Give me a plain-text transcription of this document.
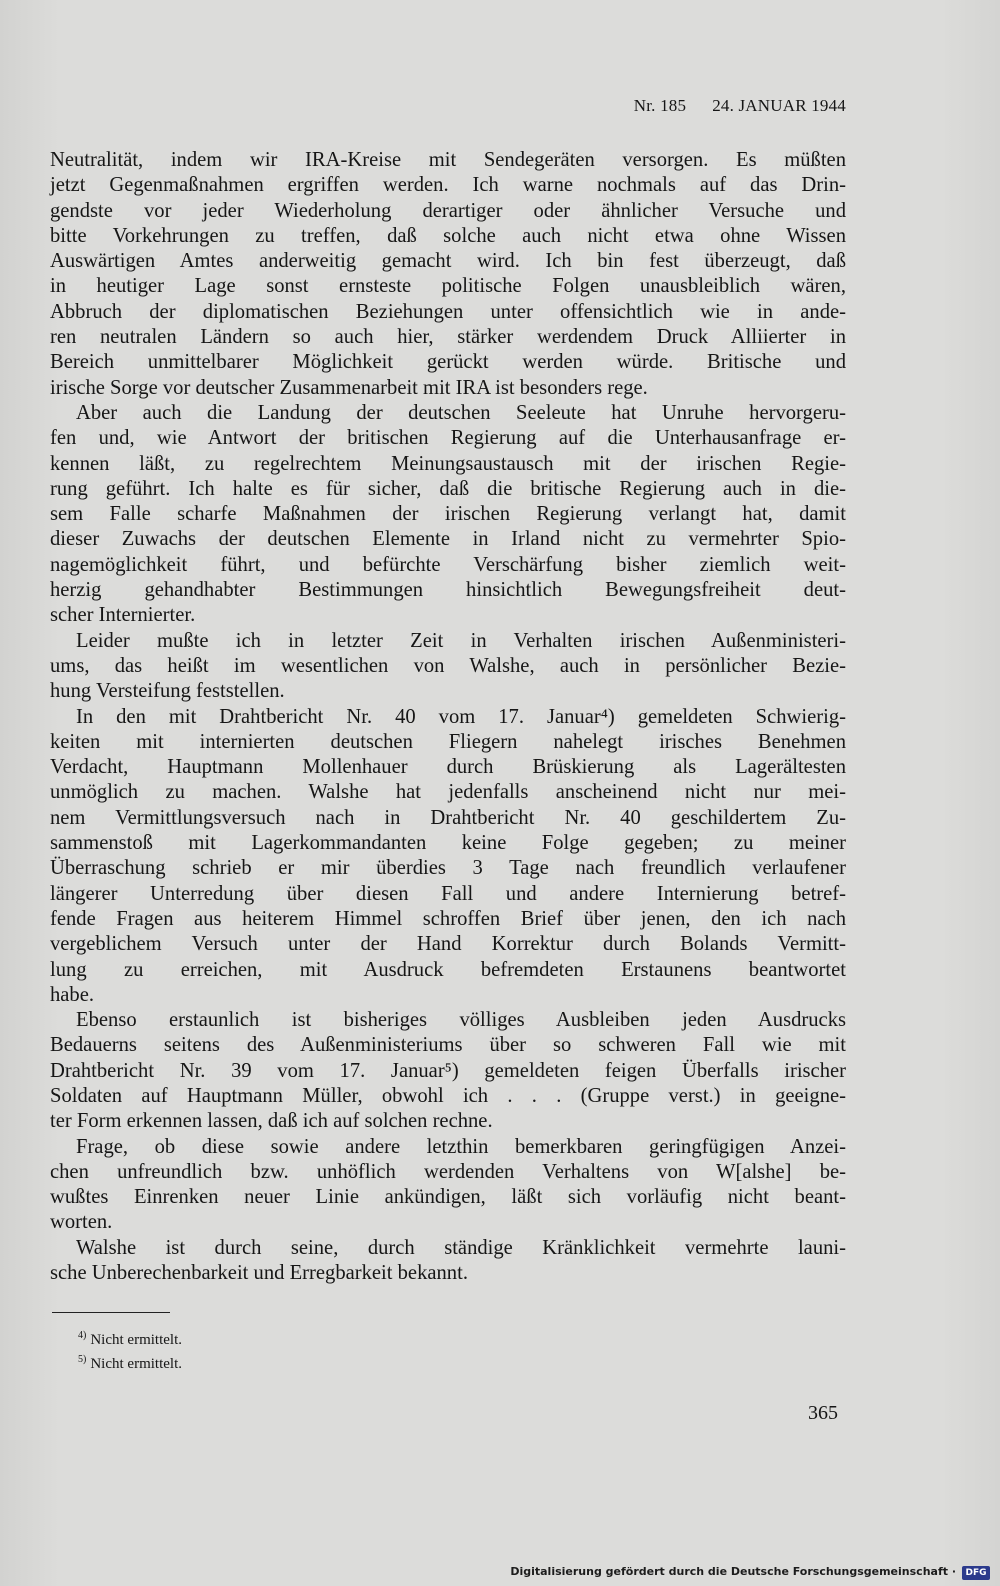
Nr. 185 24. JANUAR 1944
Neutralität, indem wir IRA-Kreise mit Sendegeräten versorgen. Es müßten
jetzt Gegenmaßnahmen ergriffen werden. Ich warne nochmals auf das Drin-
gendste vor jeder Wiederholung derartiger oder ähnlicher Versuche und
bitte Vorkehrungen zu treffen, daß solche auch nicht etwa ohne Wissen
Auswärtigen Amtes anderweitig gemacht wird. Ich bin fest überzeugt, daß
in heutiger Lage sonst ernsteste politische Folgen unausbleiblich wären,
Abbruch der diplomatischen Beziehungen unter offensichtlich wie in ande-
ren neutralen Ländern so auch hier, stärker werdendem Druck Alliierter in
Bereich unmittelbarer Möglichkeit gerückt werden würde. Britische und
irische Sorge vor deutscher Zusammenarbeit mit IRA ist besonders rege.
Aber auch die Landung der deutschen Seeleute hat Unruhe hervorgeru-
fen und, wie Antwort der britischen Regierung auf die Unterhausanfrage er-
kennen läßt, zu regelrechtem Meinungsaustausch mit der irischen Regie-
rung geführt. Ich halte es für sicher, daß die britische Regierung auch in die-
sem Falle scharfe Maßnahmen der irischen Regierung verlangt hat, damit
dieser Zuwachs der deutschen Elemente in Irland nicht zu vermehrter Spio-
nagemöglichkeit führt, und befürchte Verschärfung bisher ziemlich weit-
herzig gehandhabter Bestimmungen hinsichtlich Bewegungsfreiheit deut-
scher Internierter.
Leider mußte ich in letzter Zeit in Verhalten irischen Außenministeri-
ums, das heißt im wesentlichen von Walshe, auch in persönlicher Bezie-
hung Versteifung feststellen.
In den mit Drahtbericht Nr. 40 vom 17. Januar⁴) gemeldeten Schwierig-
keiten mit internierten deutschen Fliegern nahelegt irisches Benehmen
Verdacht, Hauptmann Mollenhauer durch Brüskierung als Lagerältesten
unmöglich zu machen. Walshe hat jedenfalls anscheinend nicht nur mei-
nem Vermittlungsversuch nach in Drahtbericht Nr. 40 geschildertem Zu-
sammenstoß mit Lagerkommandanten keine Folge gegeben; zu meiner
Überraschung schrieb er mir überdies 3 Tage nach freundlich verlaufener
längerer Unterredung über diesen Fall und andere Internierung betref-
fende Fragen aus heiterem Himmel schroffen Brief über jenen, den ich nach
vergeblichem Versuch unter der Hand Korrektur durch Bolands Vermitt-
lung zu erreichen, mit Ausdruck befremdeten Erstaunens beantwortet
habe.
Ebenso erstaunlich ist bisheriges völliges Ausbleiben jeden Ausdrucks
Bedauerns seitens des Außenministeriums über so schweren Fall wie mit
Drahtbericht Nr. 39 vom 17. Januar⁵) gemeldeten feigen Überfalls irischer
Soldaten auf Hauptmann Müller, obwohl ich . . . (Gruppe verst.) in geeigne-
ter Form erkennen lassen, daß ich auf solchen rechne.
Frage, ob diese sowie andere letzthin bemerkbaren geringfügigen Anzei-
chen unfreundlich bzw. unhöflich werdenden Verhaltens von W[alshe] be-
wußtes Einrenken neuer Linie ankündigen, läßt sich vorläufig nicht beant-
worten.
Walshe ist durch seine, durch ständige Kränklichkeit vermehrte launi-
sche Unberechenbarkeit und Erregbarkeit bekannt.
$^{4)}$ Nicht ermittelt.
$^{5)}$ Nicht ermittelt.
365
Digitalisierung gefördert durch die Deutsche Forschungsgemeinschaft ·	DFG
